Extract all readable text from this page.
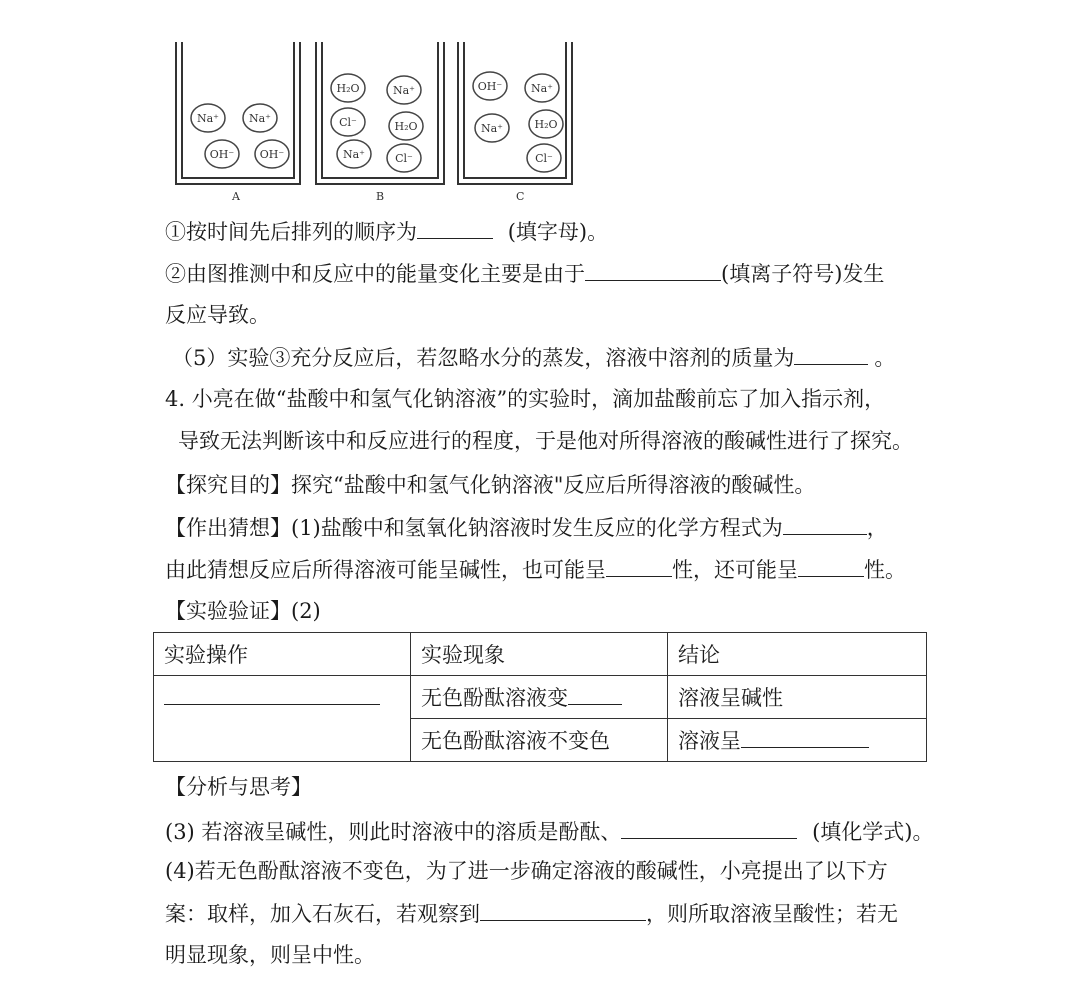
Na⁺	Na⁺
OH⁻ OH⁻
H₂O	Na⁺
Cl⁻	H₂O
Na⁺	Cl⁻
OH⁻	Na⁺
Na⁺	H₂O
Cl⁻
A	B	C
①按时间先后排列的顺序为	(填字母)。
②由图推测中和反应中的能量变化主要是由于	(填离子符号)发生
反应导致。
（5）实验③充分反应后，若忽略水分的蒸发，溶液中溶剂的质量为	。
4. 小亮在做“盐酸中和氢气化钠溶液”的实验时，滴加盐酸前忘了加入指示剂，
导致无法判断该中和反应进行的程度，于是他对所得溶液的酸碱性进行了探究。
【探究目的】探究“盐酸中和氢气化钠溶液"反应后所得溶液的酸碱性。
【作出猜想】(1)盐酸中和氢氧化钠溶液时发生反应的化学方程式为	，
由此猜想反应后所得溶液可能呈碱性，也可能呈	性，还可能呈	性。
【实验验证】(2)
实验操作	实验现象	结论
	无色酚酞溶液变	溶液呈碱性
	无色酚酞溶液不变色	溶液呈
【分析与思考】
(3) 若溶液呈碱性，则此时溶液中的溶质是酚酞、	(填化学式)。
(4)若无色酚酞溶液不变色，为了进一步确定溶液的酸碱性，小亮提出了以下方
案：取样，加入石灰石，若观察到	，则所取溶液呈酸性；若无
明显现象，则呈中性。
